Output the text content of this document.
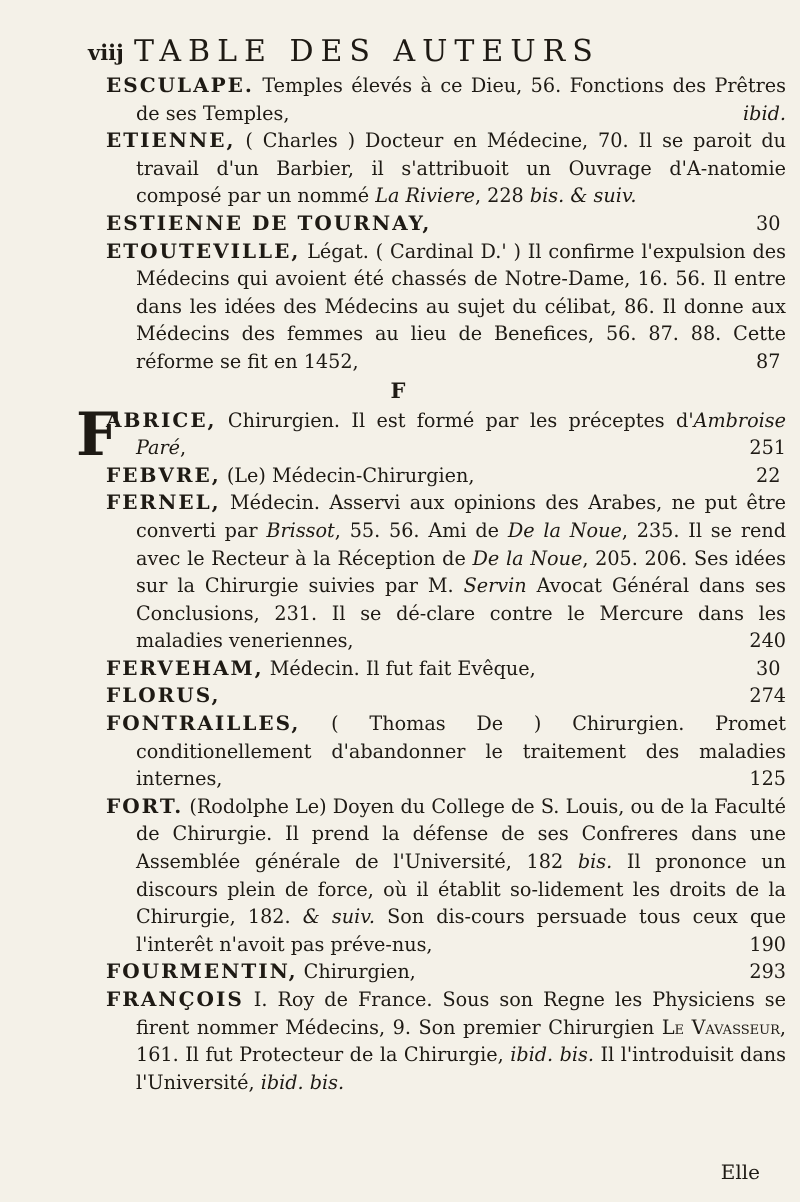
viij TABLE DES AUTEURS

ESCULAPE. Temples élevés à ce Dieu, 56. Fonctions des Prêtres de ses Temples,	ibid.

ETIENNE, ( Charles ) Docteur en Médecine, 70. Il se paroit du travail d'un Barbier, il s'attribuoit un Ouvrage d'A-natomie composé par un nommé La Riviere, 228 bis. & suiv.

ESTIENNE DE TOURNAY,	30

ETOUTEVILLE, Légat. ( Cardinal D.' ) Il confirme l'expulsion des Médecins qui avoient été chassés de Notre-Dame, 16. 56. Il entre dans les idées des Médecins au sujet du célibat, 86. Il donne aux Médecins des femmes au lieu de Benefices, 56. 87. 88. Cette réforme se fit en 1452,	87

F

F
ABRICE, Chirurgien. Il est formé par les préceptes d'Ambroise Paré,	251

FEBVRE, (Le) Médecin-Chirurgien,	22

FERNEL, Médecin. Asservi aux opinions des Arabes, ne put être converti par Brissot, 55. 56. Ami de De la Noue, 235. Il se rend avec le Recteur à la Réception de De la Noue, 205. 206. Ses idées sur la Chirurgie suivies par M. Servin Avocat Général dans ses Conclusions, 231. Il se dé-clare contre le Mercure dans les maladies veneriennes,	240

FERVEHAM, Médecin. Il fut fait Evêque,	30

FLORUS,	274

FONTRAILLES, ( Thomas De ) Chirurgien. Promet conditionellement d'abandonner le traitement des maladies internes,	125

FORT. (Rodolphe Le) Doyen du College de S. Louis, ou de la Faculté de Chirurgie. Il prend la défense de ses Confreres dans une Assemblée générale de l'Université, 182 bis. Il prononce un discours plein de force, où il établit so-lidement les droits de la Chirurgie, 182. & suiv. Son dis-cours persuade tous ceux que l'interêt n'avoit pas préve-nus,	190

FOURMENTIN, Chirurgien,	293

FRANÇOIS I. Roy de France. Sous son Regne les Physiciens se firent nommer Médecins, 9. Son premier Chirurgien Le Vavasseur, 161. Il fut Protecteur de la Chirurgie, ibid. bis. Il l'introduisit dans l'Université, ibid. bis.

Elle
